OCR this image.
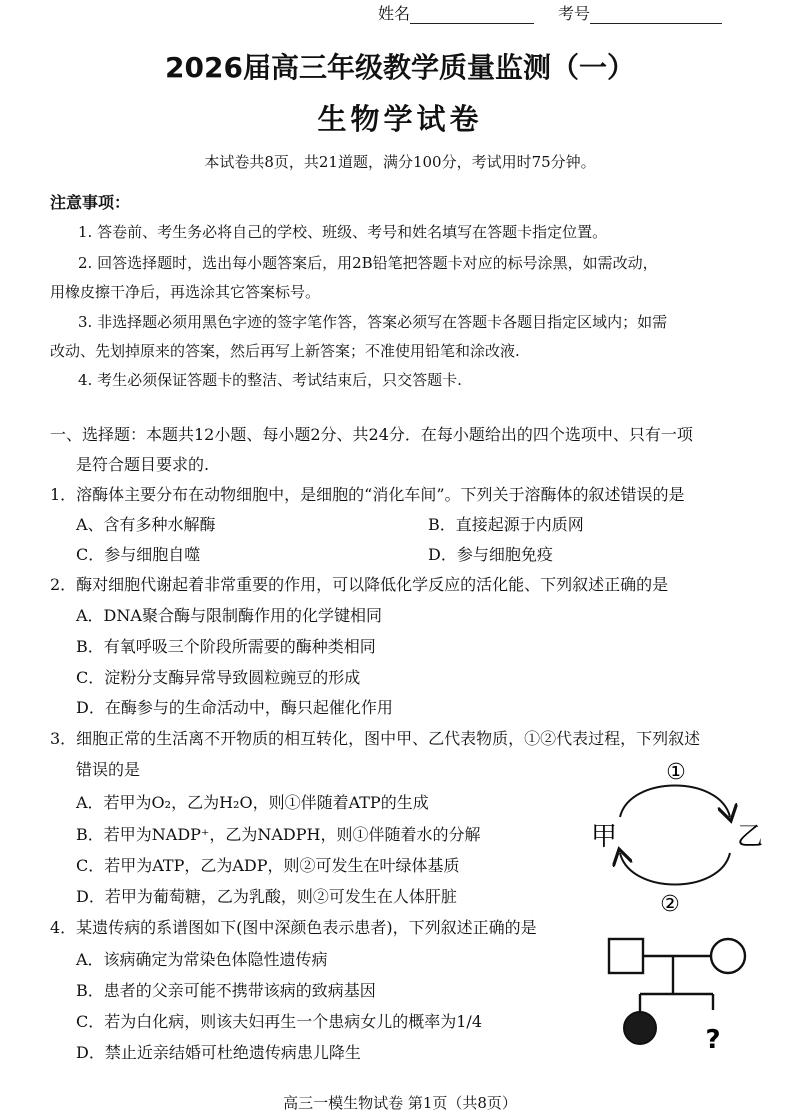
姓名	考号
2026届高三年级教学质量监测（一）
生物学试卷
本试卷共8页，共21道题，满分100分，考试用时75分钟。
注意事项：
1. 答卷前、考生务必将自己的学校、班级、考号和姓名填写在答题卡指定位置。
2. 回答选择题时，选出每小题答案后，用2B铅笔把答题卡对应的标号涂黑，如需改动，
用橡皮擦干净后，再选涂其它答案标号。
3. 非选择题必须用黑色字迹的签字笔作答，答案必须写在答题卡各题目指定区域内；如需
改动、先划掉原来的答案，然后再写上新答案；不准使用铅笔和涂改液.
4. 考生必须保证答题卡的整洁、考试结束后，只交答题卡.
一、选择题：本题共12小题、每小题2分、共24分．在每小题给出的四个选项中、只有一项
是符合题目要求的.
1．溶酶体主要分布在动物细胞中，是细胞的“消化车间”。下列关于溶酶体的叙述错误的是
A、含有多种水解酶	B．直接起源于内质网
C．参与细胞自噬	D．参与细胞免疫
2．酶对细胞代谢起着非常重要的作用，可以降低化学反应的活化能、下列叙述正确的是
A．DNA聚合酶与限制酶作用的化学键相同
B．有氧呼吸三个阶段所需要的酶种类相同
C．淀粉分支酶异常导致圆粒豌豆的形成
D．在酶参与的生命活动中，酶只起催化作用
3．细胞正常的生活离不开物质的相互转化，图中甲、乙代表物质，①②代表过程，下列叙述
错误的是
A．若甲为O₂，乙为H₂O，则①伴随着ATP的生成
B．若甲为NADP⁺，乙为NADPH，则①伴随着水的分解
C．若甲为ATP，乙为ADP，则②可发生在叶绿体基质
D．若甲为葡萄糖，乙为乳酸，则②可发生在人体肝脏
①
②
甲	乙
4．某遗传病的系谱图如下(图中深颜色表示患者)，下列叙述正确的是
A．该病确定为常染色体隐性遗传病
B．患者的父亲可能不携带该病的致病基因
C．若为白化病，则该夫妇再生一个患病女儿的概率为1/4
D．禁止近亲结婚可杜绝遗传病患儿降生	?
高三一模生物试卷 第1页（共8页）
